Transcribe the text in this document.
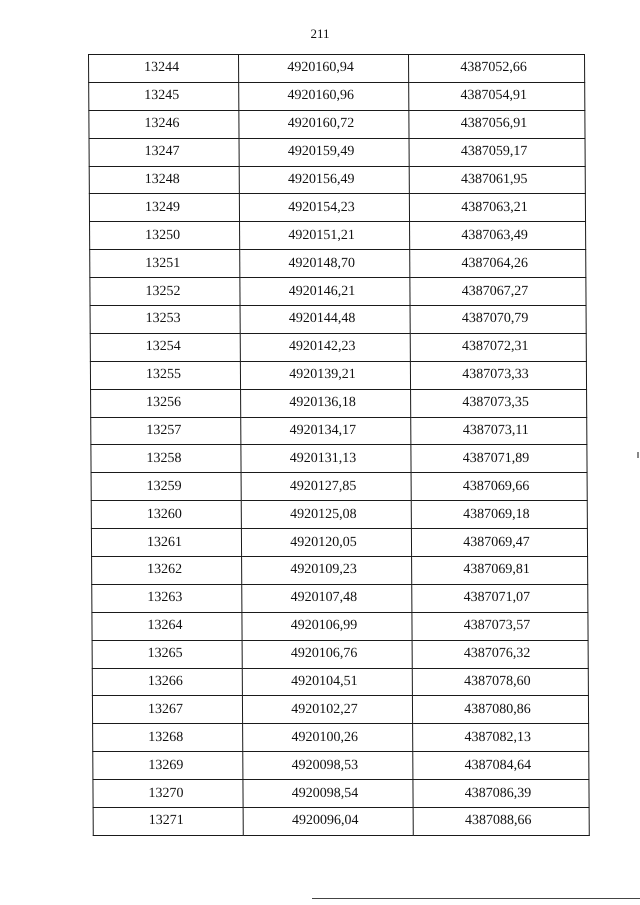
211
13244	4920160,94	4387052,66
13245	4920160,96	4387054,91
13246	4920160,72	4387056,91
13247	4920159,49	4387059,17
13248	4920156,49	4387061,95
13249	4920154,23	4387063,21
13250	4920151,21	4387063,49
13251	4920148,70	4387064,26
13252	4920146,21	4387067,27
13253	4920144,48	4387070,79
13254	4920142,23	4387072,31
13255	4920139,21	4387073,33
13256	4920136,18	4387073,35
13257	4920134,17	4387073,11
13258	4920131,13	4387071,89
13259	4920127,85	4387069,66
13260	4920125,08	4387069,18
13261	4920120,05	4387069,47
13262	4920109,23	4387069,81
13263	4920107,48	4387071,07
13264	4920106,99	4387073,57
13265	4920106,76	4387076,32
13266	4920104,51	4387078,60
13267	4920102,27	4387080,86
13268	4920100,26	4387082,13
13269	4920098,53	4387084,64
13270	4920098,54	4387086,39
13271	4920096,04	4387088,66
